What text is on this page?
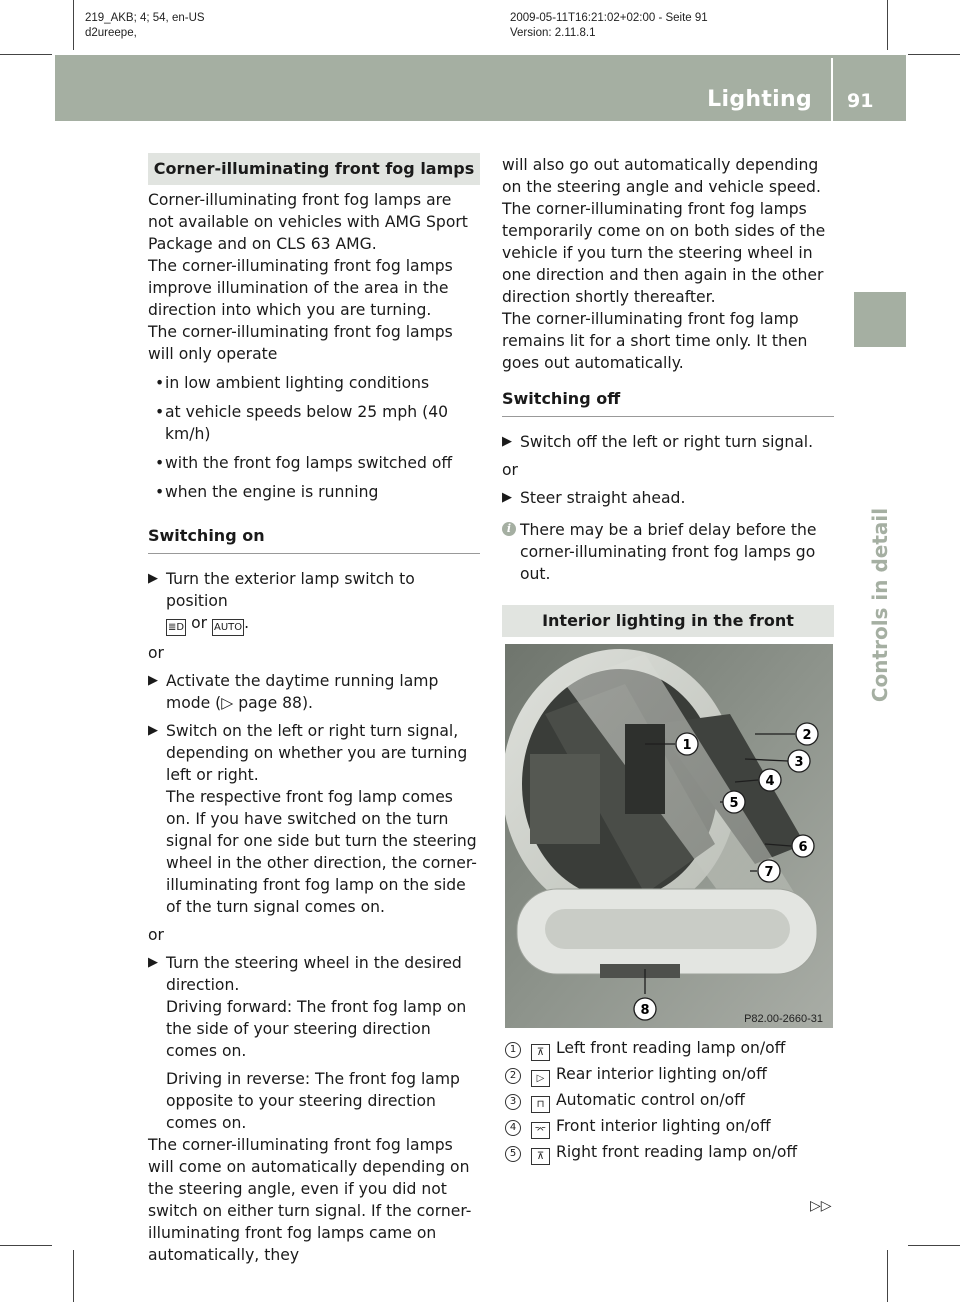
219_AKB; 4; 54, en-US
d2ureepe,
2009-05-11T16:21:02+02:00 - Seite 91
Version: 2.11.8.1
Lighting 91
Controls in detail
Corner-illuminating front fog lamps

Corner-illuminating front fog lamps are not available on vehicles with AMG Sport Package and on CLS 63 AMG.

The corner-illuminating front fog lamps improve illumination of the area in the direction into which you are turning.

The corner-illuminating front fog lamps will only operate

• in low ambient lighting conditions
• at vehicle speeds below 25 mph (40 km/h)
• with the front fog lamps switched off
• when the engine is running
Switching on
▶ Turn the exterior lamp switch to position
≣D or AUTO .

or

▶ Activate the daytime running lamp mode (▷ page 88).
▶ Switch on the left or right turn signal, depending on whether you are turning left or right.
The respective front fog lamp comes on. If you have switched on the turn signal for one side but turn the steering wheel in the other direction, the corner-illuminating front fog lamp on the side of the turn signal comes on.

or

▶ Turn the steering wheel in the desired direction.
Driving forward: The front fog lamp on the side of your steering direction comes on.
Driving in reverse: The front fog lamp opposite to your steering direction comes on.

The corner-illuminating front fog lamps will come on automatically depending on the steering angle, even if you did not switch on either turn signal. If the corner-illuminating front fog lamps came on automatically, they

will also go out automatically depending on the steering angle and vehicle speed.

The corner-illuminating front fog lamps temporarily come on on both sides of the vehicle if you turn the steering wheel in one direction and then again in the other direction shortly thereafter.

The corner-illuminating front fog lamp remains lit for a short time only. It then goes out automatically.

Switching off
▶ Switch off the left or right turn signal.

or

▶ Steer straight ahead.
i There may be a brief delay before the corner-illuminating front fog lamps go out.
Interior lighting in the front
1
2
3
4
5
6
7
8
P82.00-2660-31
1 ⊼ Left front reading lamp on/off
2 ▷ Rear interior lighting on/off
3 ⊓ Automatic control on/off
4 ⌤ Front interior lighting on/off
5 ⊼ Right front reading lamp on/off
▷▷
